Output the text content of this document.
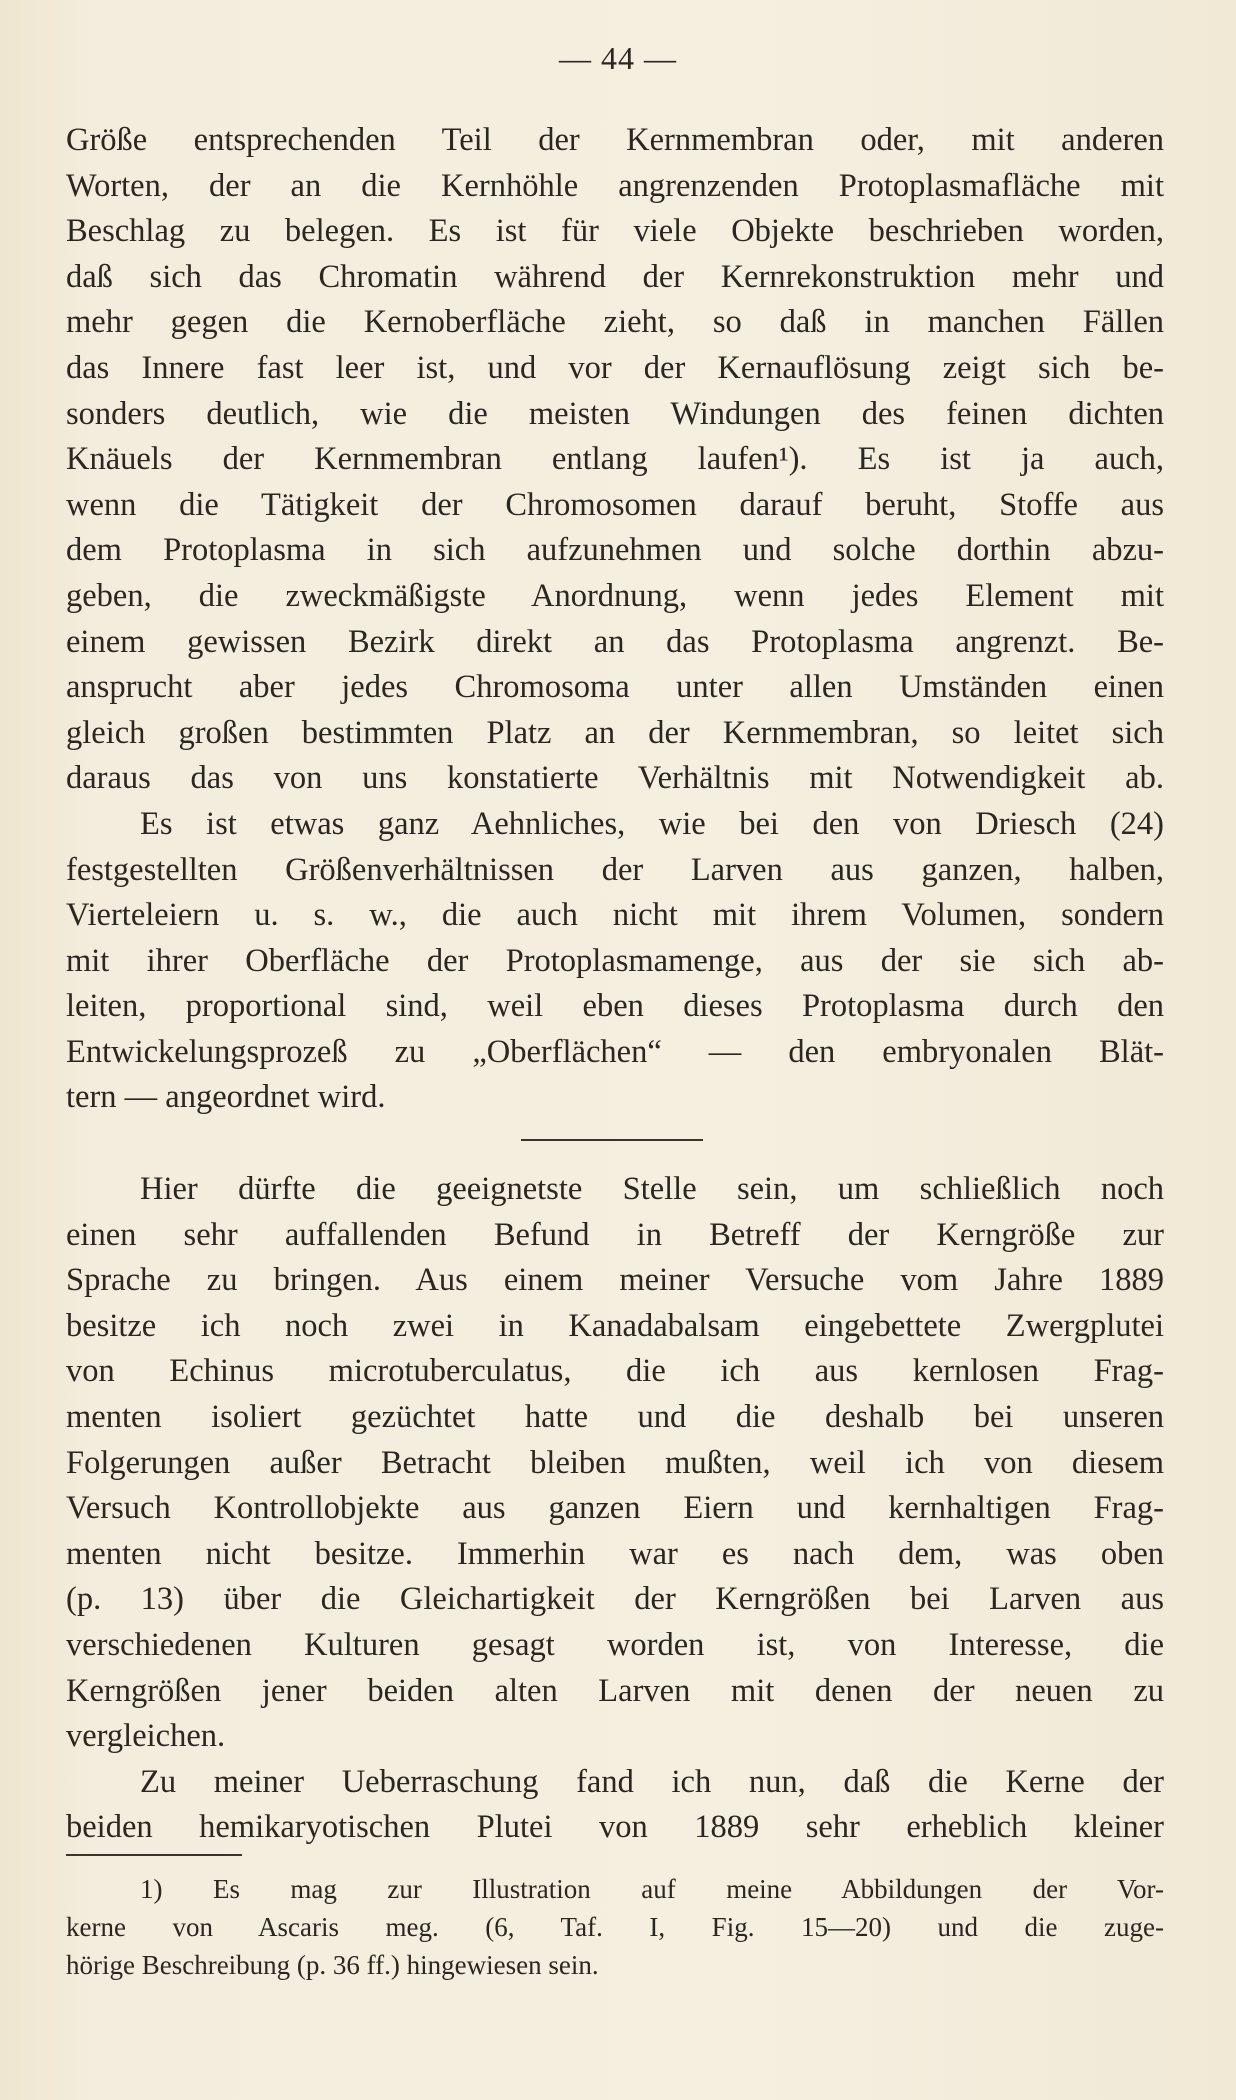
— 44 —
Größe entsprechenden Teil der Kernmembran oder, mit anderen
Worten, der an die Kernhöhle angrenzenden Protoplasmafläche mit
Beschlag zu belegen. Es ist für viele Objekte beschrieben worden,
daß sich das Chromatin während der Kernrekonstruktion mehr und
mehr gegen die Kernoberfläche zieht, so daß in manchen Fällen
das Innere fast leer ist, und vor der Kernauflösung zeigt sich be-
sonders deutlich, wie die meisten Windungen des feinen dichten
Knäuels der Kernmembran entlang laufen¹). Es ist ja auch,
wenn die Tätigkeit der Chromosomen darauf beruht, Stoffe aus
dem Protoplasma in sich aufzunehmen und solche dorthin abzu-
geben, die zweckmäßigste Anordnung, wenn jedes Element mit
einem gewissen Bezirk direkt an das Protoplasma angrenzt. Be-
ansprucht aber jedes Chromosoma unter allen Umständen einen
gleich großen bestimmten Platz an der Kernmembran, so leitet sich
daraus das von uns konstatierte Verhältnis mit Notwendigkeit ab.
Es ist etwas ganz Aehnliches, wie bei den von Driesch (24)
festgestellten Größenverhältnissen der Larven aus ganzen, halben,
Vierteleiern u. s. w., die auch nicht mit ihrem Volumen, sondern
mit ihrer Oberfläche der Protoplasmamenge, aus der sie sich ab-
leiten, proportional sind, weil eben dieses Protoplasma durch den
Entwickelungsprozeß zu „Oberflächen“ — den embryonalen Blät-
tern — angeordnet wird.
Hier dürfte die geeignetste Stelle sein, um schließlich noch
einen sehr auffallenden Befund in Betreff der Kerngröße zur
Sprache zu bringen. Aus einem meiner Versuche vom Jahre 1889
besitze ich noch zwei in Kanadabalsam eingebettete Zwergplutei
von Echinus microtuberculatus, die ich aus kernlosen Frag-
menten isoliert gezüchtet hatte und die deshalb bei unseren
Folgerungen außer Betracht bleiben mußten, weil ich von diesem
Versuch Kontrollobjekte aus ganzen Eiern und kernhaltigen Frag-
menten nicht besitze. Immerhin war es nach dem, was oben
(p. 13) über die Gleichartigkeit der Kerngrößen bei Larven aus
verschiedenen Kulturen gesagt worden ist, von Interesse, die
Kerngrößen jener beiden alten Larven mit denen der neuen zu
vergleichen.
Zu meiner Ueberraschung fand ich nun, daß die Kerne der
beiden hemikaryotischen Plutei von 1889 sehr erheblich kleiner
1) Es mag zur Illustration auf meine Abbildungen der Vor-
kerne von Ascaris meg. (6, Taf. I, Fig. 15—20) und die zuge-
hörige Beschreibung (p. 36 ff.) hingewiesen sein.
